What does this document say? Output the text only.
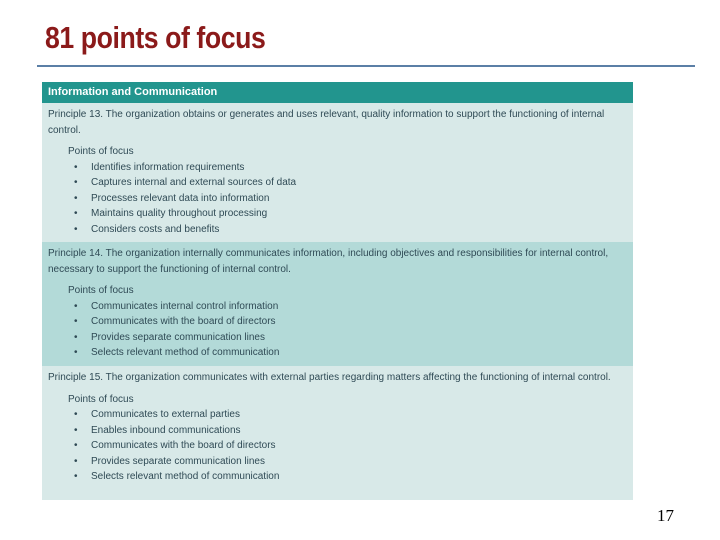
81 points of focus
Information and Communication

Principle 13. The organization obtains or generates and uses relevant, quality information to support the functioning of internal control.

Points of focus
• Identifies information requirements
• Captures internal and external sources of data
• Processes relevant data into information
• Maintains quality throughout processing
• Considers costs and benefits

Principle 14. The organization internally communicates information, including objectives and responsibilities for internal control, necessary to support the functioning of internal control.

Points of focus
• Communicates internal control information
• Communicates with the board of directors
• Provides separate communication lines
• Selects relevant method of communication

Principle 15. The organization communicates with external parties regarding matters affecting the functioning of internal control.

Points of focus
• Communicates to external parties
• Enables inbound communications
• Communicates with the board of directors
• Provides separate communication lines
• Selects relevant method of communication
17
